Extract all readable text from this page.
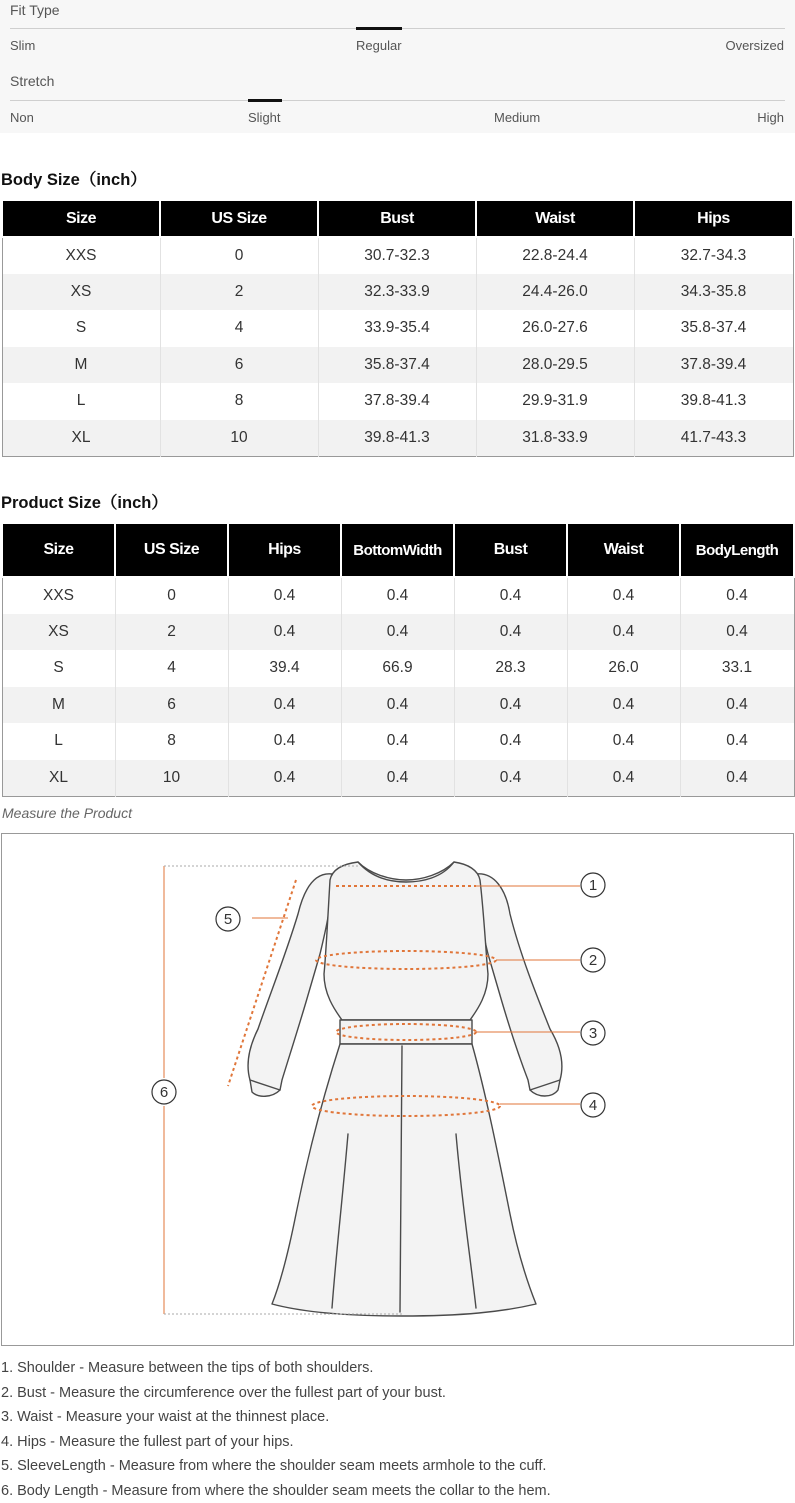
Fit Type
Slim	Regular	Oversized
Stretch
Non	Slight	Medium	High
Body Size（inch）
Size	US Size	Bust	Waist	Hips
XXS	0	30.7-32.3	22.8-24.4	32.7-34.3
XS	2	32.3-33.9	24.4-26.0	34.3-35.8
S	4	33.9-35.4	26.0-27.6	35.8-37.4
M	6	35.8-37.4	28.0-29.5	37.8-39.4
L	8	37.8-39.4	29.9-31.9	39.8-41.3
XL	10	39.8-41.3	31.8-33.9	41.7-43.3
Product Size（inch）
Size	US Size	Hips	BottomWidth	Bust	Waist	BodyLength
XXS	0	0.4	0.4	0.4	0.4	0.4
XS	2	0.4	0.4	0.4	0.4	0.4
S	4	39.4	66.9	28.3	26.0	33.1
M	6	0.4	0.4	0.4	0.4	0.4
L	8	0.4	0.4	0.4	0.4	0.4
XL	10	0.4	0.4	0.4	0.4	0.4
Measure the Product
1
2
3
4
5
6
1. Shoulder - Measure between the tips of both shoulders.
2. Bust - Measure the circumference over the fullest part of your bust.
3. Waist - Measure your waist at the thinnest place.
4. Hips - Measure the fullest part of your hips.
5. SleeveLength - Measure from where the shoulder seam meets armhole to the cuff.
6. Body Length - Measure from where the shoulder seam meets the collar to the hem.
